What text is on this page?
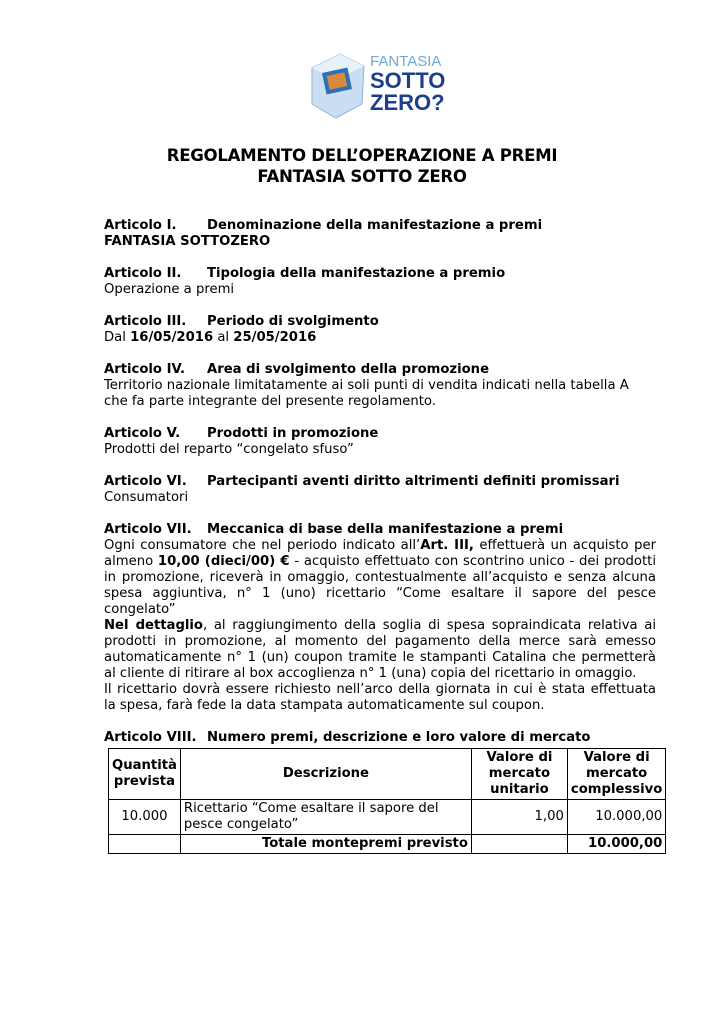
FANTASIA
SOTTO
ZERO?
REGOLAMENTO DELL’OPERAZIONE A PREMI
FANTASIA SOTTO ZERO
Articolo I.	Denominazione della manifestazione a premi
FANTASIA SOTTOZERO
Articolo II.	Tipologia della manifestazione a premio
Operazione a premi
Articolo III.	Periodo di svolgimento
Dal 16/05/2016 al 25/05/2016
Articolo IV.	Area di svolgimento della promozione
Territorio nazionale limitatamente ai soli punti di vendita indicati nella tabella A che fa parte integrante del presente regolamento.
Articolo V.	Prodotti in promozione
Prodotti del reparto “congelato sfuso”
Articolo VI.	Partecipanti aventi diritto altrimenti definiti promissari
Consumatori
Articolo VII.	Meccanica di base della manifestazione a premi
Ogni consumatore che nel periodo indicato all’Art. III, effettuerà un acquisto per almeno 10,00 (dieci/00) € - acquisto effettuato con scontrino unico - dei prodotti in promozione, riceverà in omaggio, contestualmente all’acquisto e senza alcuna spesa aggiuntiva, n° 1 (uno) ricettario “Come esaltare il sapore del pesce congelato”
Nel dettaglio, al raggiungimento della soglia di spesa sopraindicata relativa ai prodotti in promozione, al momento del pagamento della merce sarà emesso automaticamente n° 1 (un) coupon tramite le stampanti Catalina che permetterà al cliente di ritirare al box accoglienza n° 1 (una) copia del ricettario in omaggio.
Il ricettario dovrà essere richiesto nell’arco della giornata in cui è stata effettuata la spesa, farà fede la data stampata automaticamente sul coupon.
Articolo VIII. Numero premi, descrizione e loro valore di mercato
Quantità prevista	Descrizione	Valore di mercato unitario	Valore di mercato complessivo
10.000	Ricettario “Come esaltare il sapore del pesce congelato”	1,00	10.000,00
	Totale montepremi previsto		10.000,00
